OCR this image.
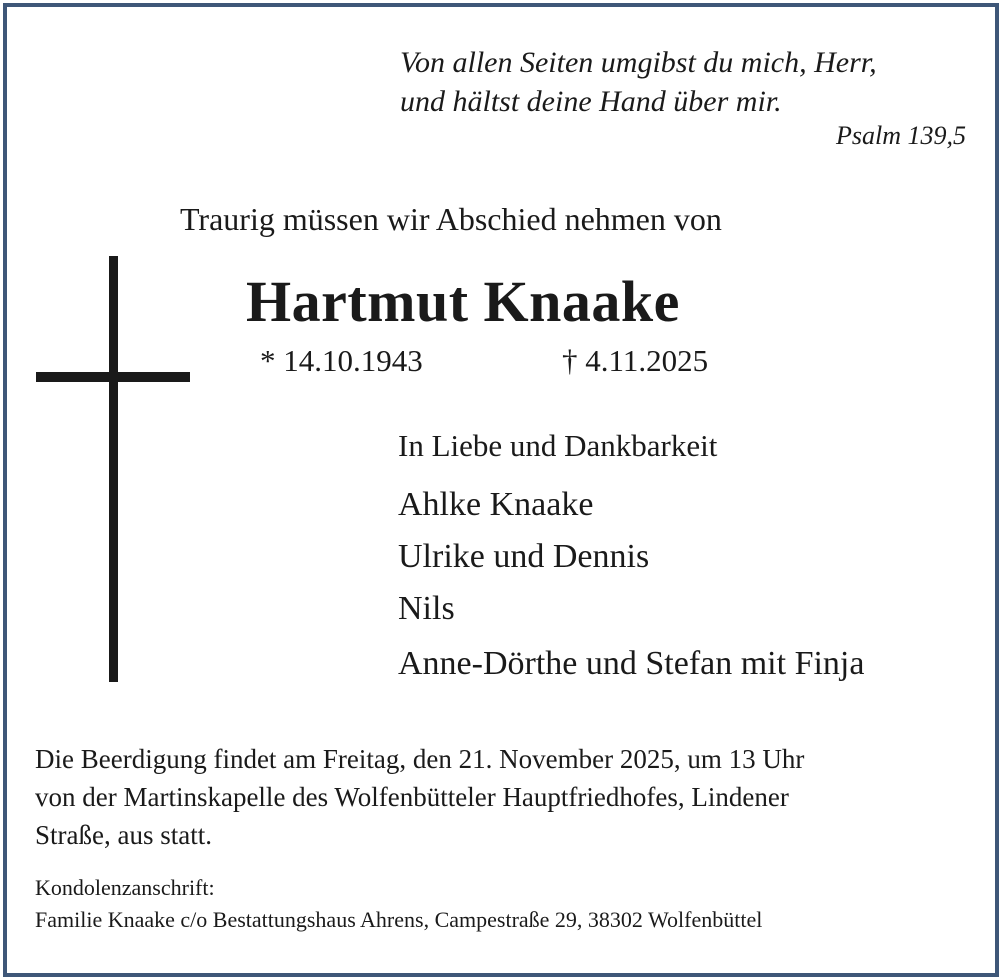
Von allen Seiten umgibst du mich, Herr,
und hältst deine Hand über mir.
Psalm 139,5
Traurig müssen wir Abschied nehmen von
Hartmut Knaake
* 14.10.1943	† 4.11.2025
In Liebe und Dankbarkeit
Ahlke Knaake
Ulrike und Dennis
Nils
Anne-Dörthe und Stefan mit Finja
Die Beerdigung findet am Freitag, den 21. November 2025, um 13 Uhr
von der Martinskapelle des Wolfenbütteler Hauptfriedhofes, Lindener
Straße, aus statt.
Kondolenzanschrift:
Familie Knaake c/o Bestattungshaus Ahrens, Campestraße 29, 38302 Wolfenbüttel
